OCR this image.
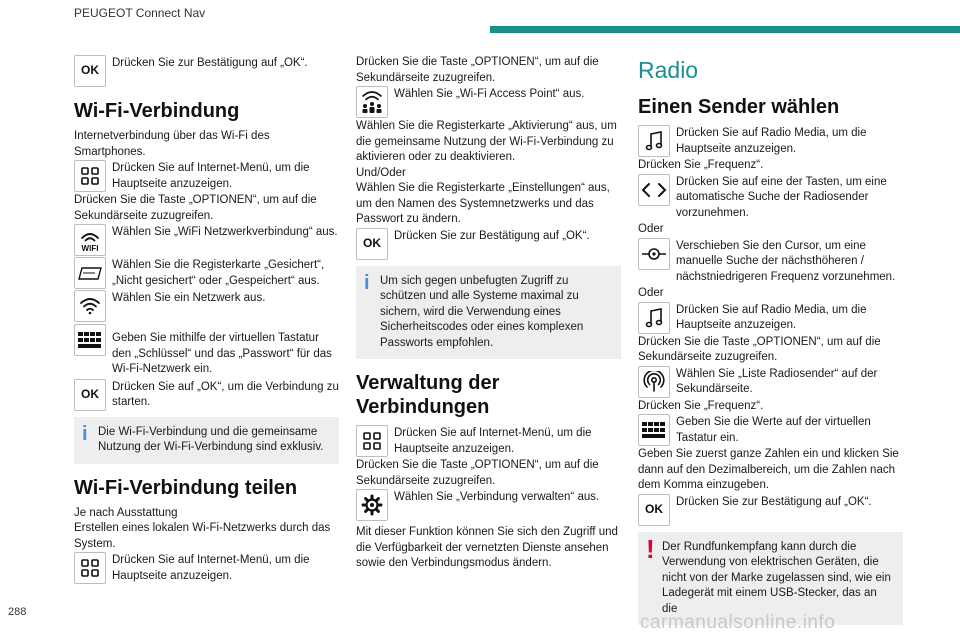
PEUGEOT Connect Nav
OK
Drücken Sie zur Bestätigung auf „OK“.
Wi-Fi-Verbindung
Internetverbindung über das Wi-Fi des Smartphones.
Drücken Sie auf Internet-Menü, um die Hauptseite anzuzeigen.
Drücken Sie die Taste „OPTIONEN“, um auf die Sekundärseite zuzugreifen.
WIFI
Wählen Sie „WiFi Netzwerkverbindung“ aus.
Wählen Sie die Registerkarte „Gesichert“, „Nicht gesichert“ oder „Gespeichert“ aus.
Wählen Sie ein Netzwerk aus.
Geben Sie mithilfe der virtuellen Tastatur den „Schlüssel“ und das „Passwort“ für das Wi-Fi-Netzwerk ein.
OK
Drücken Sie auf „OK“, um die Verbindung zu starten.
i Die Wi-Fi-Verbindung und die gemeinsame Nutzung der Wi-Fi-Verbindung sind exklusiv.
Wi-Fi-Verbindung teilen
Je nach Ausstattung
Erstellen eines lokalen Wi-Fi-Netzwerks durch das System.
Drücken Sie auf Internet-Menü, um die Hauptseite anzuzeigen.
Drücken Sie die Taste „OPTIONEN“, um auf die Sekundärseite zuzugreifen.
Wählen Sie „Wi-Fi Access Point“ aus.
Wählen Sie die Registerkarte „Aktivierung“ aus, um die gemeinsame Nutzung der Wi-Fi-Verbindung zu aktivieren oder zu deaktivieren.
Und/Oder
Wählen Sie die Registerkarte „Einstellungen“ aus, um den Namen des Systemnetzwerks und das Passwort zu ändern.
OK
Drücken Sie zur Bestätigung auf „OK“.
i Um sich gegen unbefugten Zugriff zu schützen und alle Systeme maximal zu sichern, wird die Verwendung eines Sicherheitscodes oder eines komplexen Passworts empfohlen.
Verwaltung der Verbindungen
Drücken Sie auf Internet-Menü, um die Hauptseite anzuzeigen.
Drücken Sie die Taste „OPTIONEN“, um auf die Sekundärseite zuzugreifen.
Wählen Sie „Verbindung verwalten“ aus.
Mit dieser Funktion können Sie sich den Zugriff und die Verfügbarkeit der vernetzten Dienste ansehen sowie den Verbindungsmodus ändern.
Radio
Einen Sender wählen
Drücken Sie auf Radio Media, um die Hauptseite anzuzeigen.
Drücken Sie „Frequenz“.
Drücken Sie auf eine der Tasten, um eine automatische Suche der Radiosender vorzunehmen.
Oder
Verschieben Sie den Cursor, um eine manuelle Suche der nächsthöheren / nächstniedrigeren Frequenz vorzunehmen.
Oder
Drücken Sie auf Radio Media, um die Hauptseite anzuzeigen.
Drücken Sie die Taste „OPTIONEN“, um auf die Sekundärseite zuzugreifen.
Wählen Sie „Liste Radiosender“ auf der Sekundärseite.
Drücken Sie „Frequenz“.
Geben Sie die Werte auf der virtuellen Tastatur ein.
Geben Sie zuerst ganze Zahlen ein und klicken Sie dann auf den Dezimalbereich, um die Zahlen nach dem Komma einzugeben.
OK
Drücken Sie zur Bestätigung auf „OK“.
! Der Rundfunkempfang kann durch die Verwendung von elektrischen Geräten, die nicht von der Marke zugelassen sind, wie ein Ladegerät mit einem USB-Stecker, das an die
288	carmanualsonline.info
